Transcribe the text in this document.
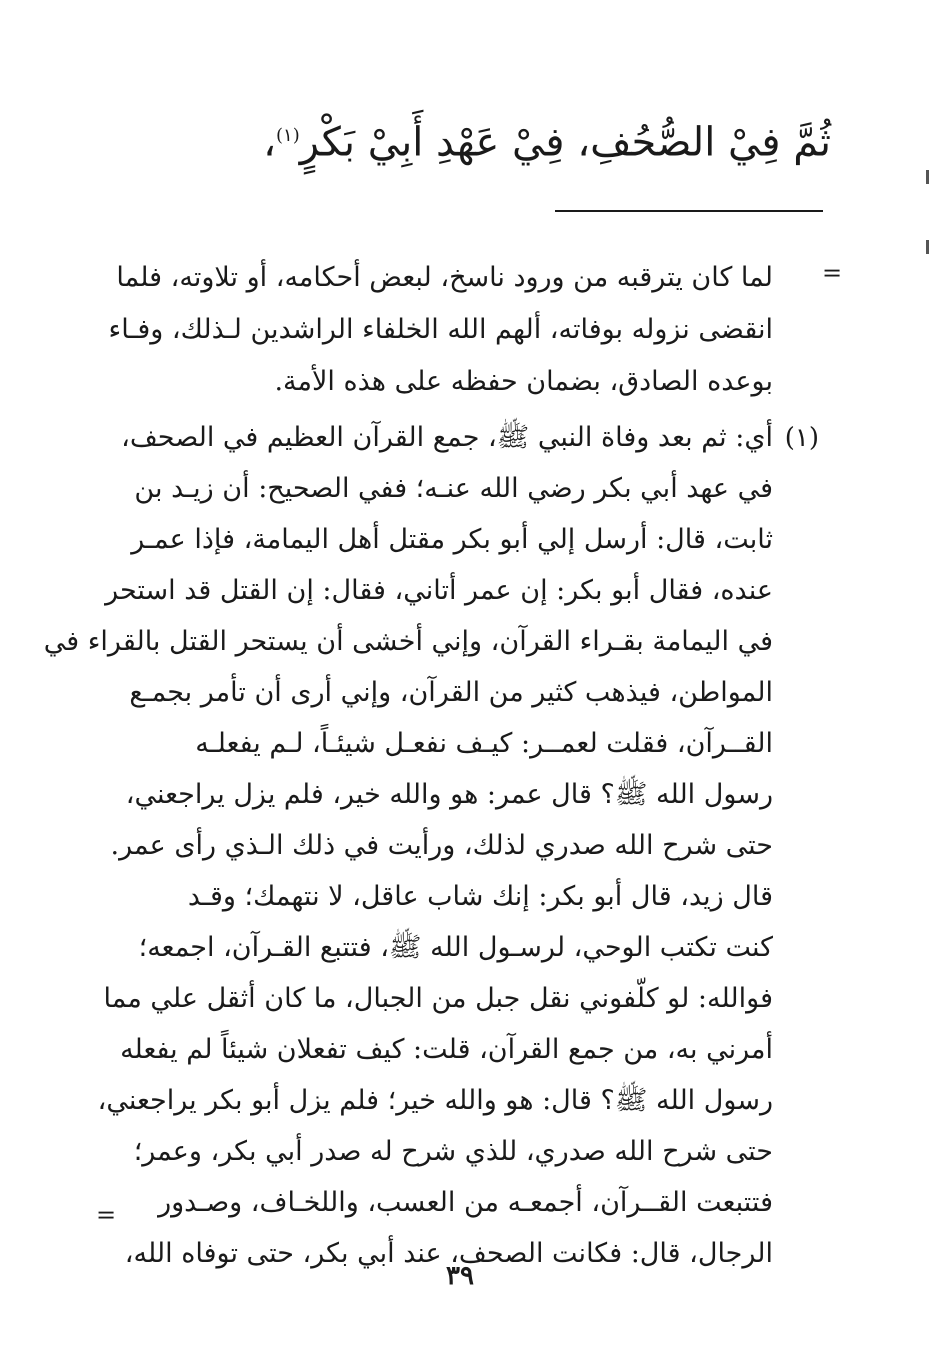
ثُمَّ فِيْ الصُّحُفِ، فِيْ عَهْدِ أَبِيْ بَكْرٍ$^{(١)}$،
=
لما كان يترقبه من ورود ناسخ، لبعض أحكامه، أو تلاوته، فلما
انقضى نزوله بوفاته، ألهم الله الخلفاء الراشدين لـذلك، وفـاء
بوعده الصادق، بضمان حفظه على هذه الأمة.
(١)
أي: ثم بعد وفاة النبي ﷺ، جمع القرآن العظيم في الصحف،
في عهد أبي بكر رضي الله عنـه؛ ففي الصحيح: أن زيـد بن
ثابت، قال: أرسل إلي أبو بكر مقتل أهل اليمامة، فإذا عمـر
عنده، فقال أبو بكر: إن عمر أتاني، فقال: إن القتل قد استحر
في اليمامة بقـراء القرآن، وإني أخشى أن يستحر القتل بالقراء في
المواطن، فيذهب كثير من القرآن، وإني أرى أن تأمر بجمـع
القــرآن، فقلت لعمــر: كيـف نفعـل شيئـاً، لـم يفعلـه
رسول الله ﷺ؟ قال عمر: هو والله خير، فلم يزل يراجعني،
حتى شرح الله صدري لذلك، ورأيت في ذلك الـذي رأى عمر.
قال زيد، قال أبو بكر: إنك شاب عاقل، لا نتهمك؛ وقـد
كنت تكتب الوحي، لرسـول الله ﷺ، فتتبع القـرآن، اجمعه؛
فوالله: لو كلّفوني نقل جبل من الجبال، ما كان أثقل علي مما
أمرني به، من جمع القرآن، قلت: كيف تفعلان شيئاً لم يفعله
رسول الله ﷺ؟ قال: هو والله خير؛ فلم يزل أبو بكر يراجعني،
حتى شرح الله صدري، للذي شرح له صدر أبي بكر، وعمر؛
فتتبعت القــرآن، أجمعـه من العسب، واللخـاف، وصـدور
الرجال، قال: فكانت الصحف، عند أبي بكر، حتى توفاه الله،
=
٣٩
